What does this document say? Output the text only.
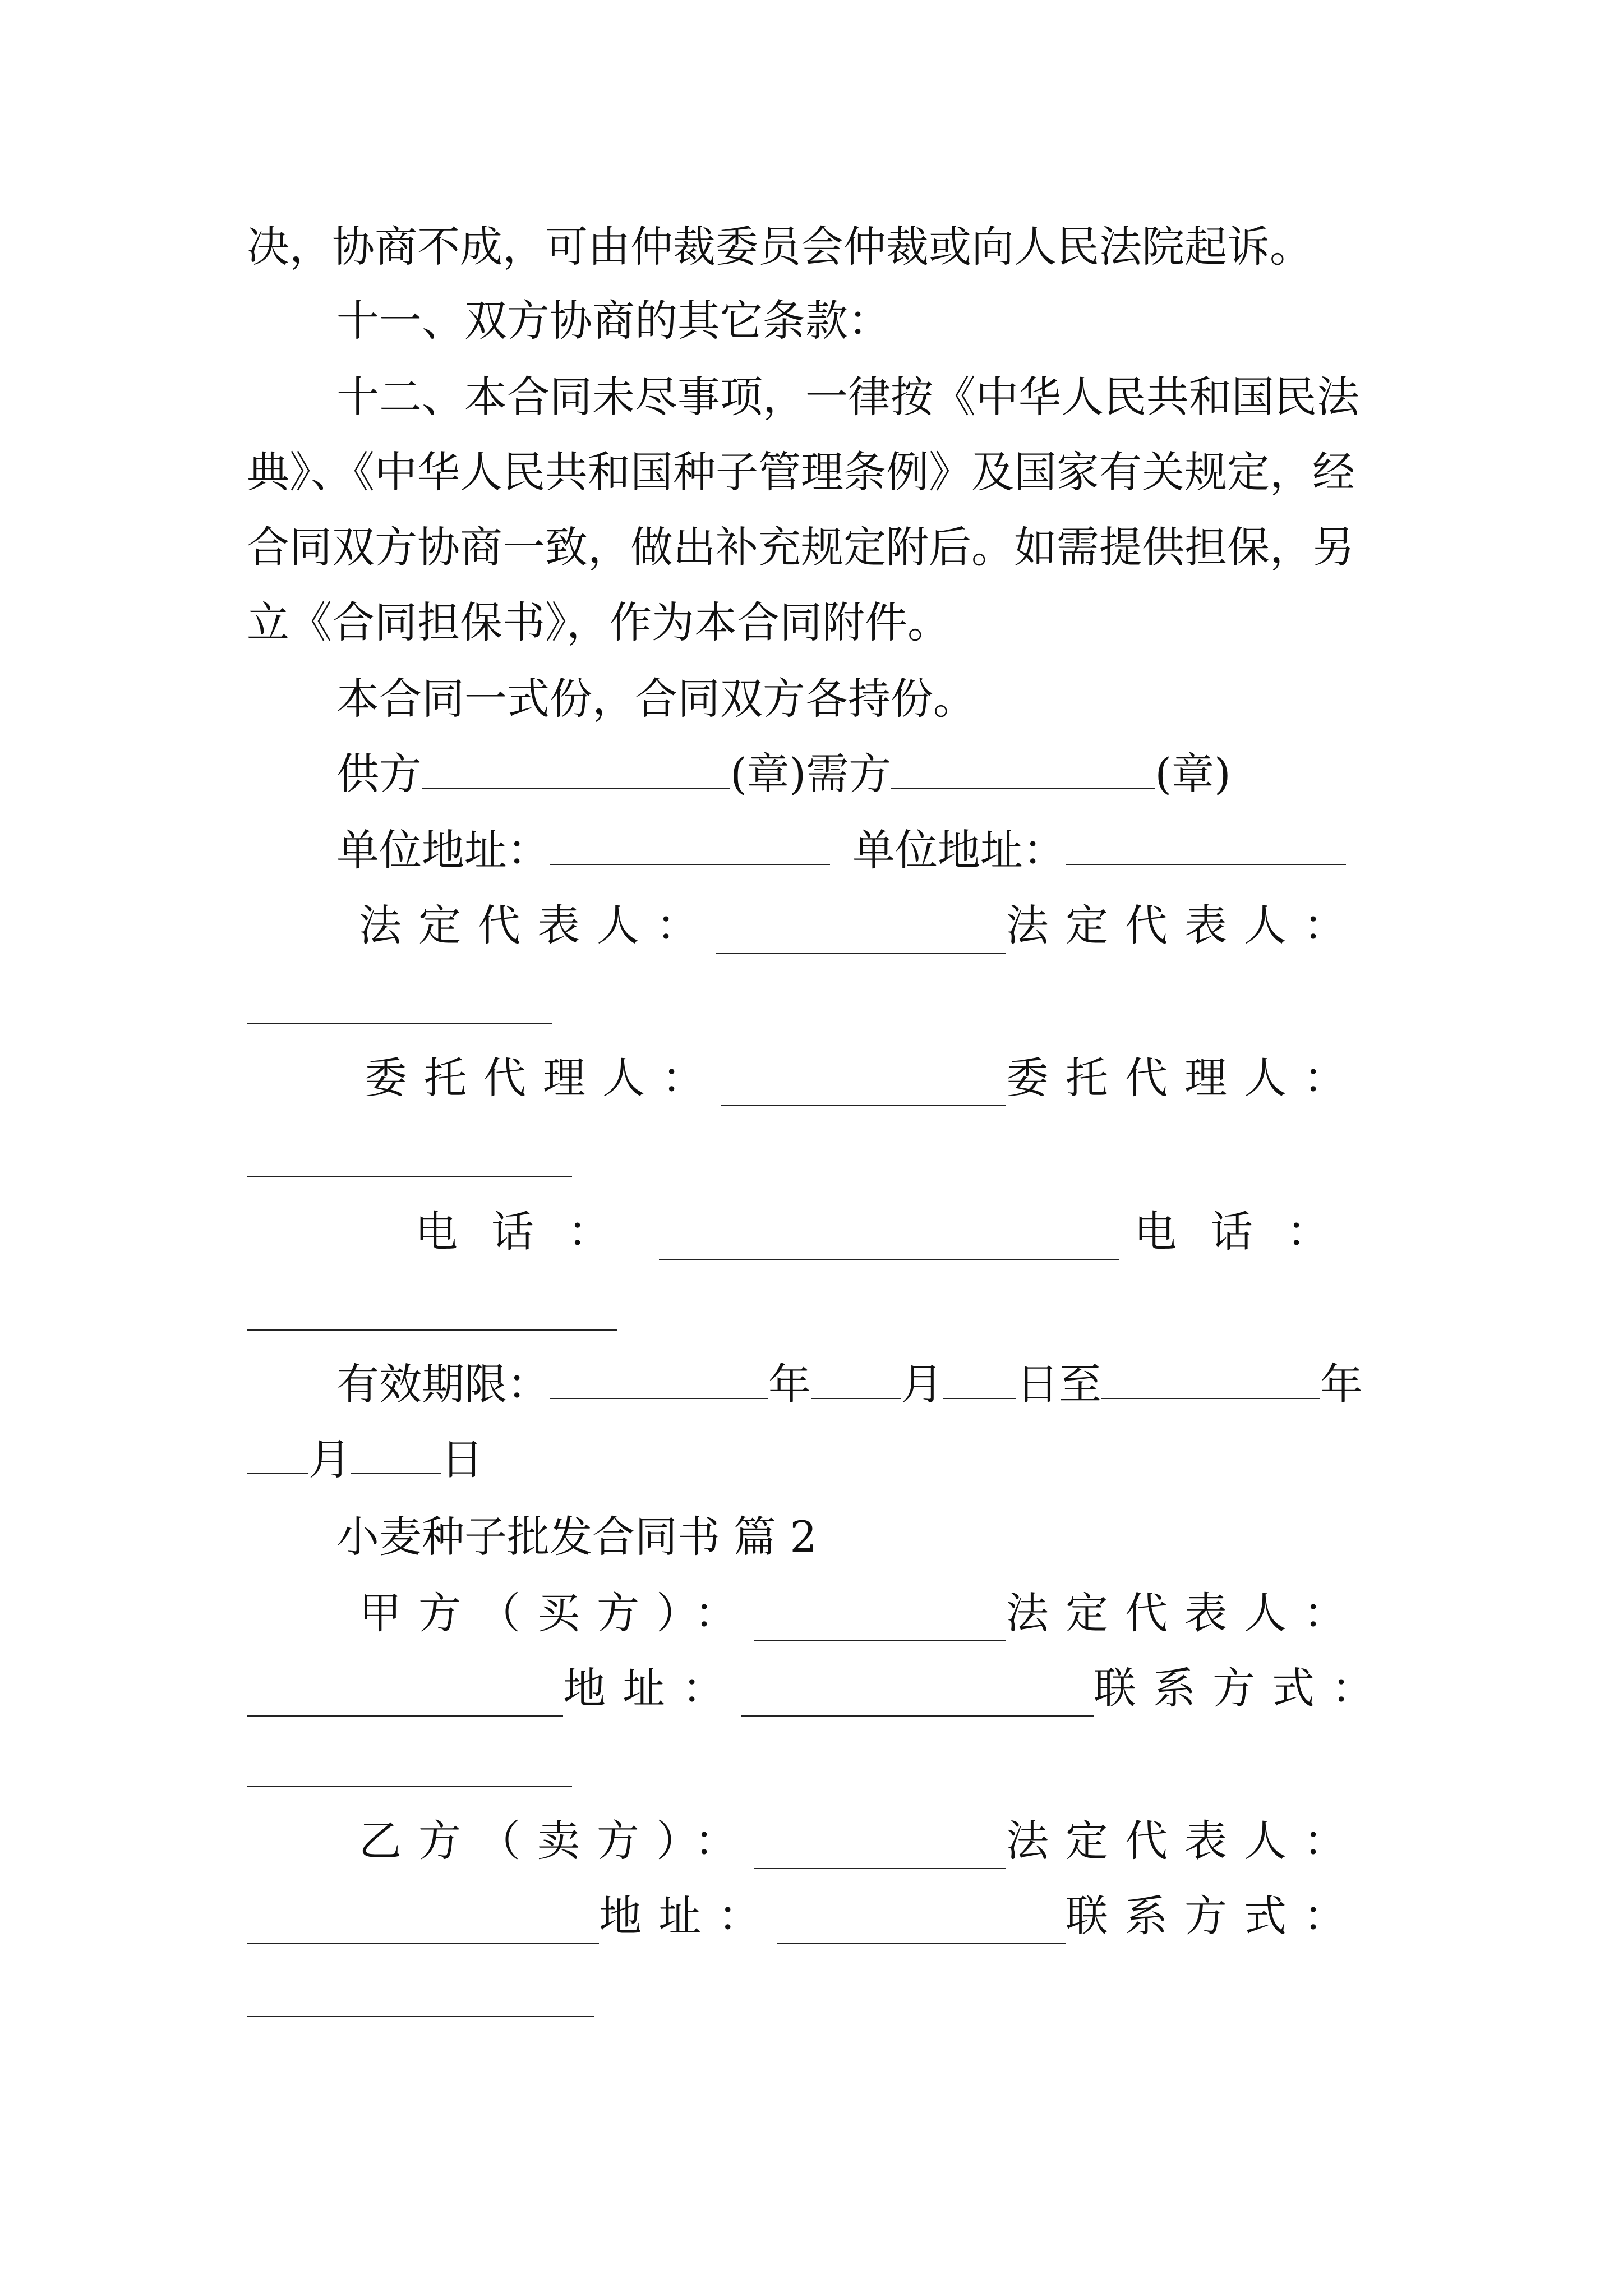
决，协商不成，可由仲裁委员会仲裁或向人民法院起诉。
十一、双方协商的其它条款：
十二、本合同未尽事项，一律按《中华人民共和国民法
典》、《中华人民共和国种子管理条例》及国家有关规定，经
合同双方协商一致，做出补充规定附后。如需提供担保，另
立《合同担保书》，作为本合同附件。
本合同一式份，合同双方各持份。
供方	(章)需方	(章)
单位地址：	单位地址：
法定代表人：	法定代表人：
委托代理人：	委托代理人：
电话：	电话：
有效期限：	年 月 日至	年
月 日
小麦种子批发合同书 篇 2
甲方（买方）：	法定代表人：
地址：	联系方式：
乙方（卖方）：	法定代表人：
地址：	联系方式：
